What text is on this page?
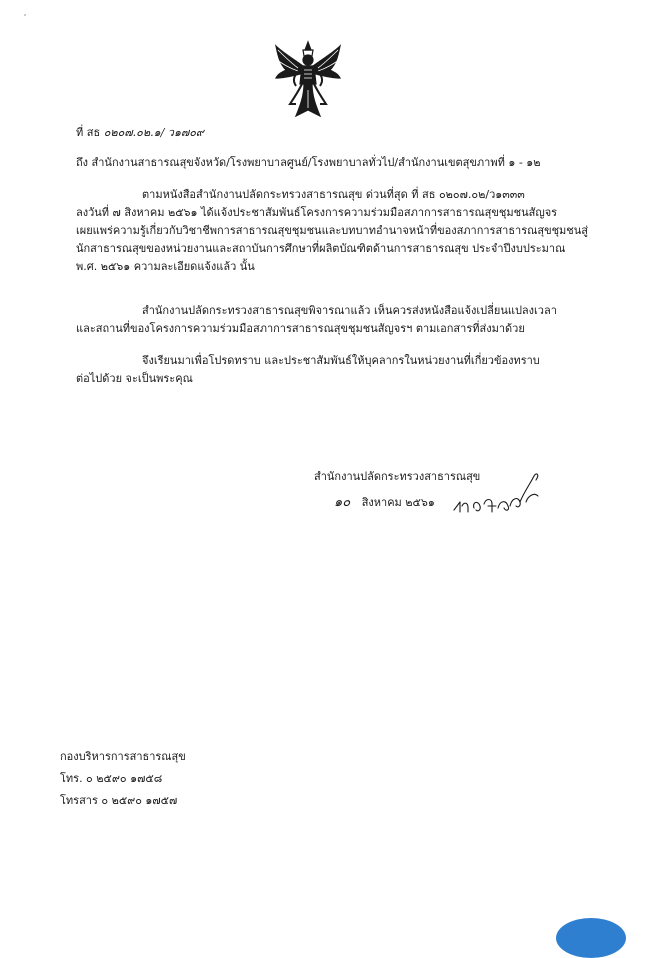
ที่ สธ ๐๒๐๗.๐๒.๑/ ว๑๗๐๙
ถึง สำนักงานสาธารณสุขจังหวัด/โรงพยาบาลศูนย์/โรงพยาบาลทั่วไป/สำนักงานเขตสุขภาพที่ ๑ - ๑๒
ตามหนังสือสำนักงานปลัดกระทรวงสาธารณสุข ด่วนที่สุด ที่ สธ ๐๒๐๗.๐๒/ว๑๓๓๓
ลงวันที่ ๗ สิงหาคม ๒๕๖๑ ได้แจ้งประชาสัมพันธ์โครงการความร่วมมือสภาการสาธารณสุขชุมชนสัญจร
เผยแพร่ความรู้เกี่ยวกับวิชาชีพการสาธารณสุขชุมชนและบทบาทอำนาจหน้าที่ของสภาการสาธารณสุขชุมชนสู่
นักสาธารณสุขของหน่วยงานและสถาบันการศึกษาที่ผลิตบัณฑิตด้านการสาธารณสุข ประจำปีงบประมาณ
พ.ศ. ๒๕๖๑ ความละเอียดแจ้งแล้ว นั้น
สำนักงานปลัดกระทรวงสาธารณสุขพิจารณาแล้ว เห็นควรส่งหนังสือแจ้งเปลี่ยนแปลงเวลา
และสถานที่ของโครงการความร่วมมือสภาการสาธารณสุขชุมชนสัญจรฯ ตามเอกสารที่ส่งมาด้วย
จึงเรียนมาเพื่อโปรดทราบ และประชาสัมพันธ์ให้บุคลากรในหน่วยงานที่เกี่ยวข้องทราบ
ต่อไปด้วย จะเป็นพระคุณ
สำนักงานปลัดกระทรวงสาธารณสุข
๑๐ สิงหาคม ๒๕๖๑
กองบริหารการสาธารณสุข
โทร. ๐ ๒๕๙๐ ๑๗๕๘
โทรสาร ๐ ๒๕๙๐ ๑๗๕๗
